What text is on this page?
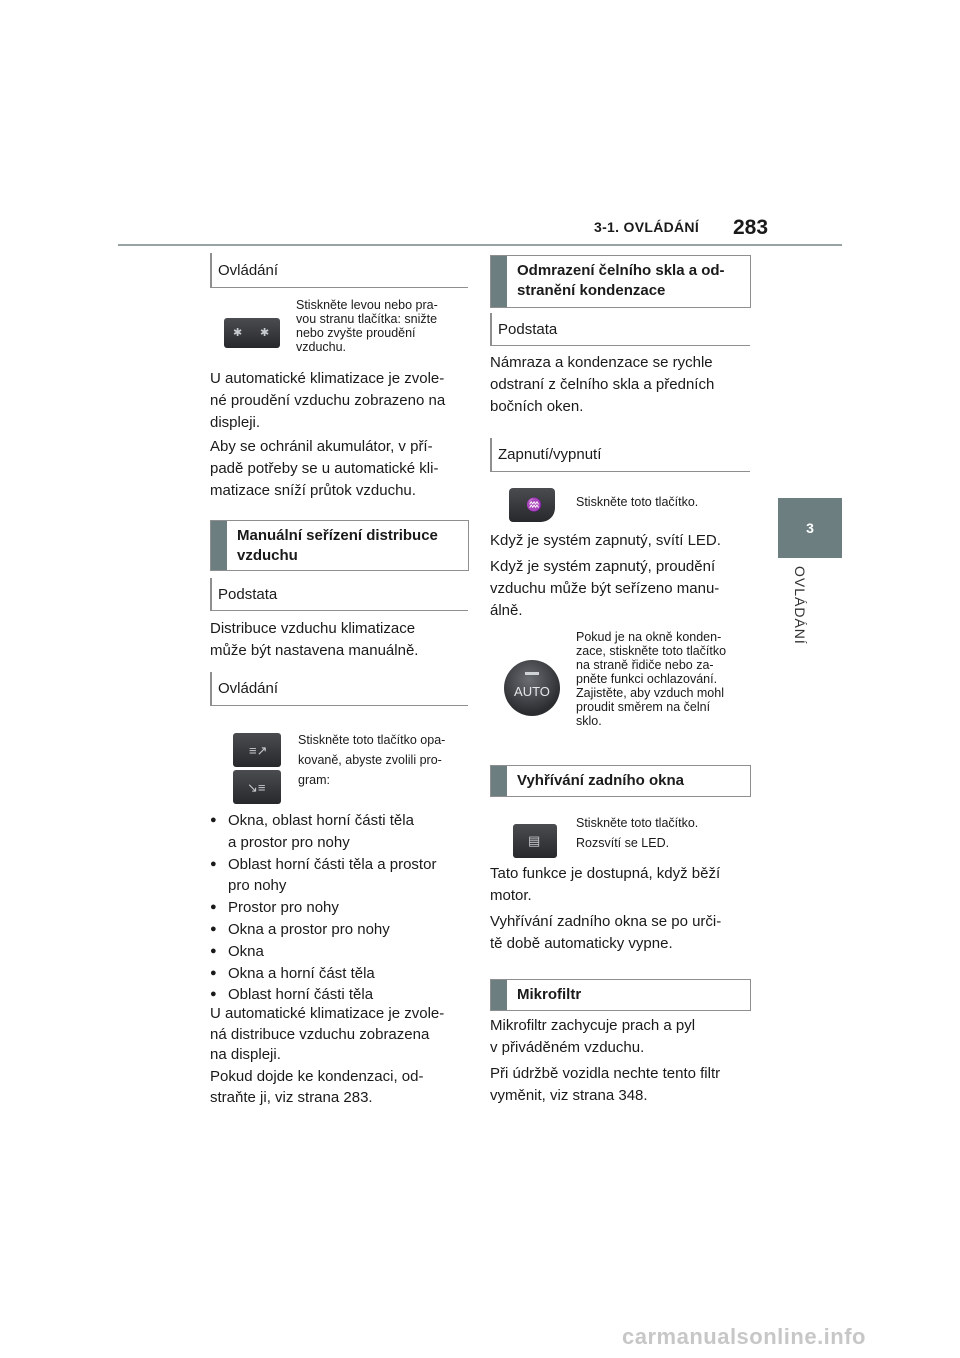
3-1. OVLÁDÁNÍ 283
3
OVLÁDÁNÍ
Ovládání
✱ ✱
Stiskněte levou nebo pra-
vou stranu tlačítka: snižte
nebo zvyšte proudění
vzduchu.
U automatické klimatizace je zvole-
né proudění vzduchu zobrazeno na
displeji.
Aby se ochránil akumulátor, v pří-
padě potřeby se u automatické kli-
matizace sníží průtok vzduchu.
Manuální seřízení distribuce
vzduchu
Podstata
Distribuce vzduchu klimatizace
může být nastavena manuálně.
Ovládání
≡↗
↘≡
Stiskněte toto tlačítko opa-
kovaně, abyste zvolili pro-
gram:
● Okna, oblast horní části těla
a prostor pro nohy
● Oblast horní části těla a prostor
pro nohy
● Prostor pro nohy
● Okna a prostor pro nohy
● Okna
● Okna a horní část těla
● Oblast horní části těla
U automatické klimatizace je zvole-
ná distribuce vzduchu zobrazena
na displeji.
Pokud dojde ke kondenzaci, od-
straňte ji, viz strana 283.
Odmrazení čelního skla a od-
stranění kondenzace
Podstata
Námraza a kondenzace se rychle
odstraní z čelního skla a předních
bočních oken.
Zapnutí/vypnutí
♒	Stiskněte toto tlačítko.
Když je systém zapnutý, svítí LED.
Když je systém zapnutý, proudění
vzduchu může být seřízeno manu-
álně.
AUTO
Pokud je na okně konden-
zace, stiskněte toto tlačítko
na straně řidiče nebo za-
pněte funkci ochlazování.
Zajistěte, aby vzduch mohl
proudit směrem na čelní
sklo.
Vyhřívání zadního okna
▤
Stiskněte toto tlačítko.
Rozsvítí se LED.
Tato funkce je dostupná, když běží
motor.
Vyhřívání zadního okna se po urči-
tě době automaticky vypne.
Mikrofiltr
Mikrofiltr zachycuje prach a pyl
v přiváděném vzduchu.
Při údržbě vozidla nechte tento filtr
vyměnit, viz strana 348.
carmanualsonline.info
